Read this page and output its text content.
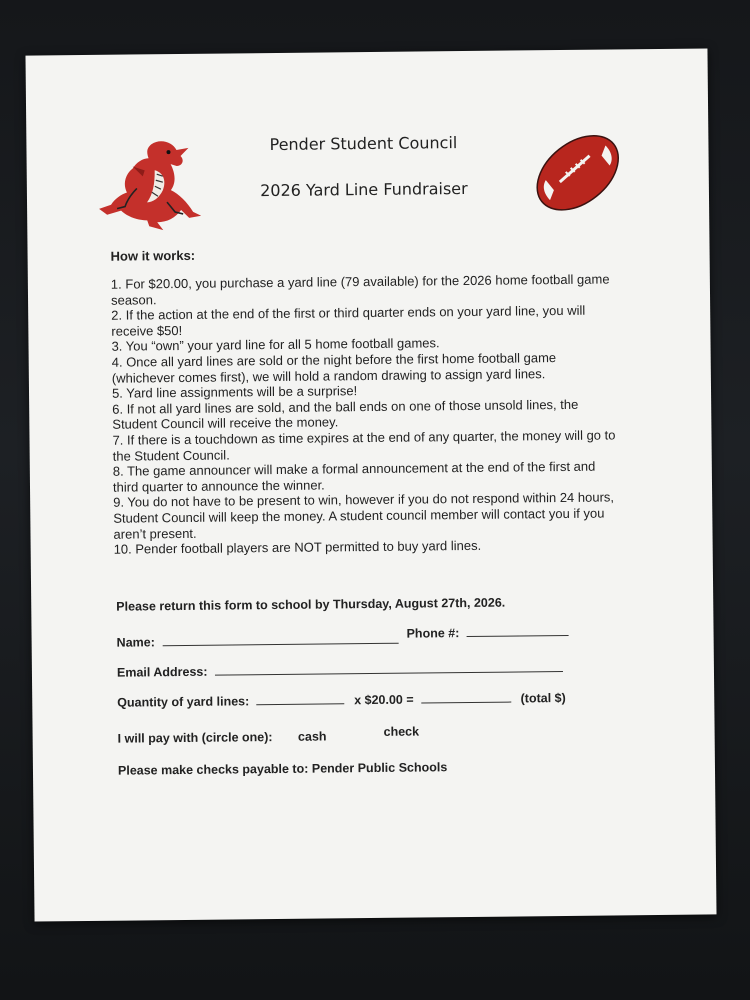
Pender Student Council
2026 Yard Line Fundraiser
How it works:
1. For $20.00, you purchase a yard line (79 available) for the 2026 home football game season.
2. If the action at the end of the first or third quarter ends on your yard line, you will receive $50!
3. You “own” your yard line for all 5 home football games.
4. Once all yard lines are sold or the night before the first home football game (whichever comes first), we will hold a random drawing to assign yard lines.
5. Yard line assignments will be a surprise!
6. If not all yard lines are sold, and the ball ends on one of those unsold lines, the Student Council will receive the money.
7. If there is a touchdown as time expires at the end of any quarter, the money will go to the Student Council.
8. The game announcer will make a formal announcement at the end of the first and third quarter to announce the winner.
9. You do not have to be present to win, however if you do not respond within 24 hours, Student Council will keep the money. A student council member will contact you if you aren’t present.
10. Pender football players are NOT permitted to buy yard lines.
Please return this form to school by Thursday, August 27th, 2026.
Name:
Phone #:
Email Address:
Quantity of yard lines:	x $20.00 =	(total $)
I will pay with (circle one): cash	check
Please make checks payable to: Pender Public Schools
